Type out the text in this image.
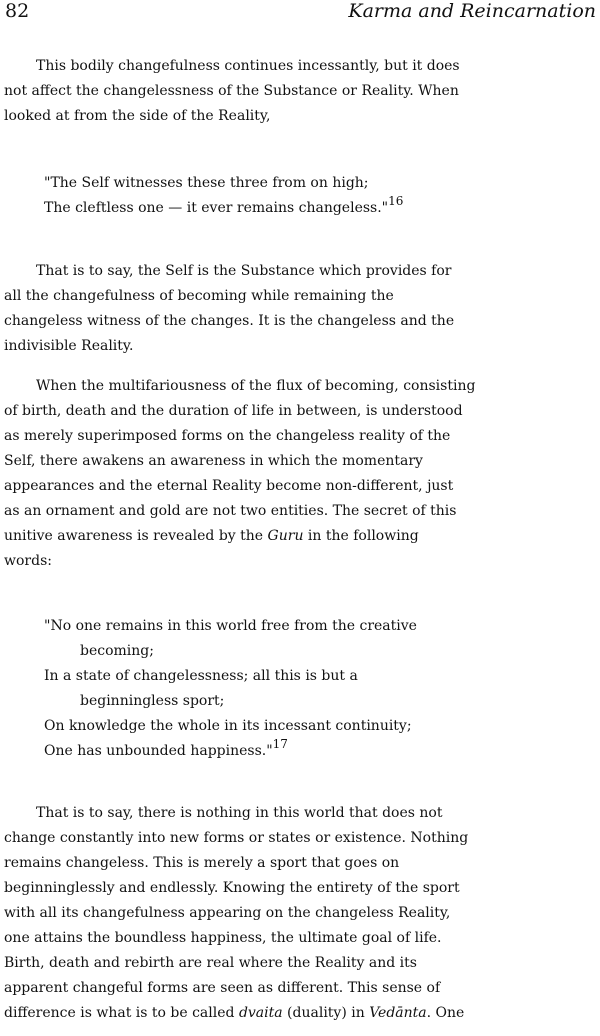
82	Karma and Reincarnation
This bodily changefulness continues incessantly, but it does
not affect the changelessness of the Substance or Reality. When
looked at from the side of the Reality,
"The Self witnesses these three from on high;
The cleftless one — it ever remains changeless."$^{16}$
That is to say, the Self is the Substance which provides for
all the changefulness of becoming while remaining the
changeless witness of the changes. It is the changeless and the
indivisible Reality.
When the multifariousness of the flux of becoming, consisting
of birth, death and the duration of life in between, is understood
as merely superimposed forms on the changeless reality of the
Self, there awakens an awareness in which the momentary
appearances and the eternal Reality become non-different, just
as an ornament and gold are not two entities. The secret of this
unitive awareness is revealed by the Guru in the following
words:
"No one remains in this world free from the creative
becoming;
In a state of changelessness; all this is but a
beginningless sport;
On knowledge the whole in its incessant continuity;
One has unbounded happiness."$^{17}$
That is to say, there is nothing in this world that does not
change constantly into new forms or states or existence. Nothing
remains changeless. This is merely a sport that goes on
beginninglessly and endlessly. Knowing the entirety of the sport
with all its changefulness appearing on the changeless Reality,
one attains the boundless happiness, the ultimate goal of life.
Birth, death and rebirth are real where the Reality and its
apparent changeful forms are seen as different. This sense of
difference is what is to be called dvaita (duality) in Vedānta. One
